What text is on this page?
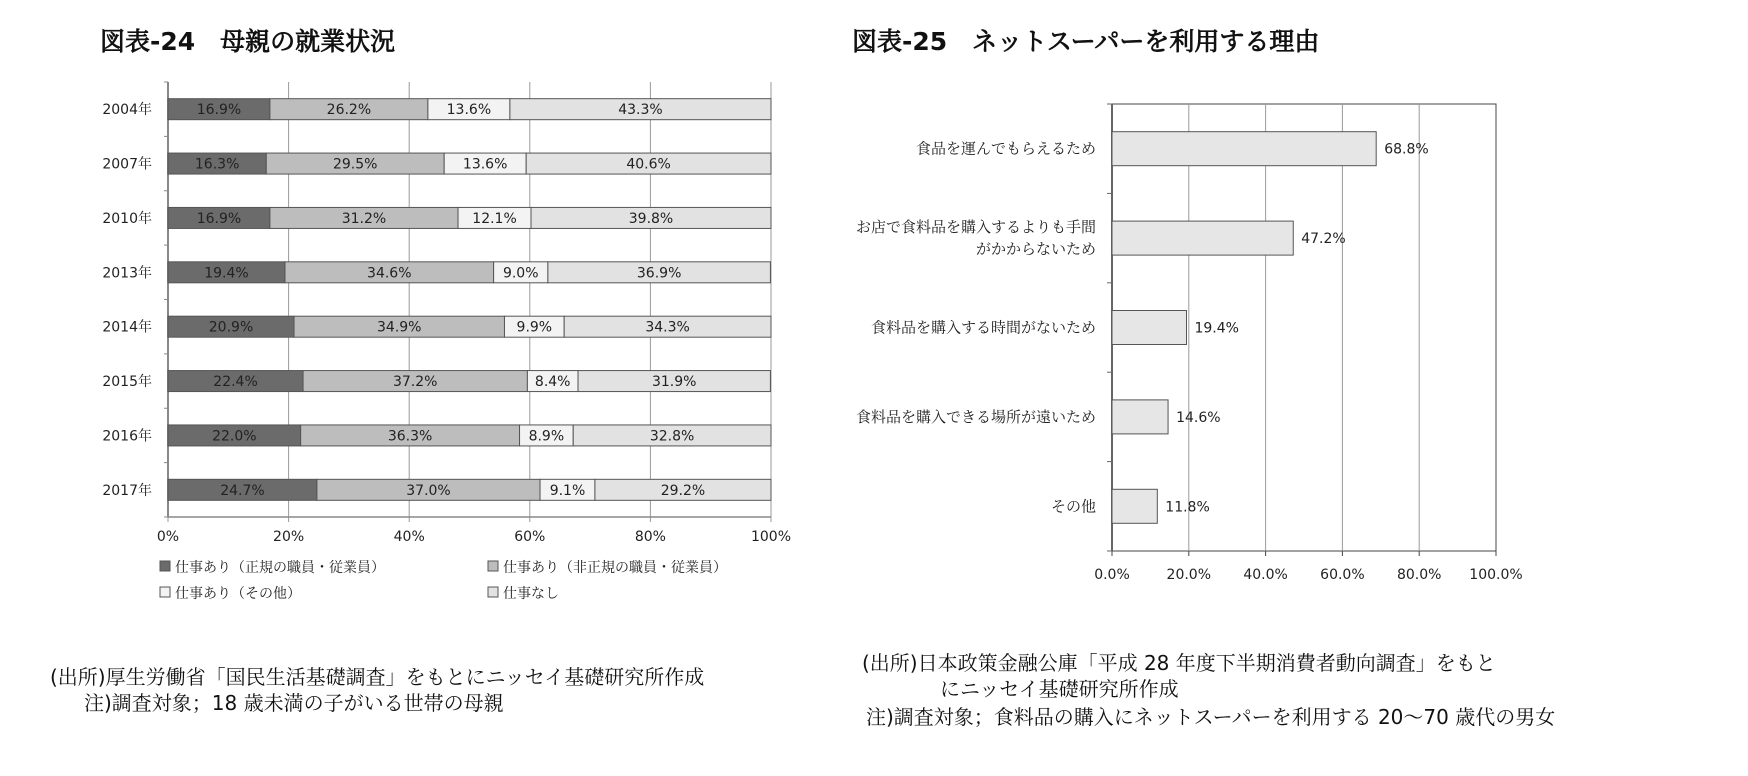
図表-24　母親の就業状況	図表-25　ネットスーパーを利用する理由
0%	20%	40%	60%	80%	100%
2004年	16.9%	26.2%	13.6%	43.3%
2007年	16.3%	29.5%	13.6%	40.6%
2010年	16.9%	31.2%	12.1%	39.8%
2013年	19.4%	34.6%	9.0%	36.9%
2014年	20.9%	34.9%	9.9%	34.3%
2015年	22.4%	37.2%	8.4%	31.9%
2016年	22.0%	36.3%	8.9%	32.8%
2017年	24.7%	37.0%	9.1%	29.2%
仕事あり（正規の職員・従業員）	仕事あり（非正規の職員・従業員）
仕事あり（その他）	仕事なし
0.0%	20.0% 40.0% 60.0% 80.0% 100.0%
68.8%
食品を運んでもらえるため
47.2%
お店で食料品を購入するよりも手間
がかからないため
19.4%
食料品を購入する時間がないため
14.6%
食料品を購入できる場所が遠いため
11.8%
その他
(出所)厚生労働省「国民生活基礎調査」をもとにニッセイ基礎研究所作成
注)調査対象；18 歳未満の子がいる世帯の母親
(出所)日本政策金融公庫「平成 28 年度下半期消費者動向調査」をもと
にニッセイ基礎研究所作成
注)調査対象；食料品の購入にネットスーパーを利用する 20～70 歳代の男女
